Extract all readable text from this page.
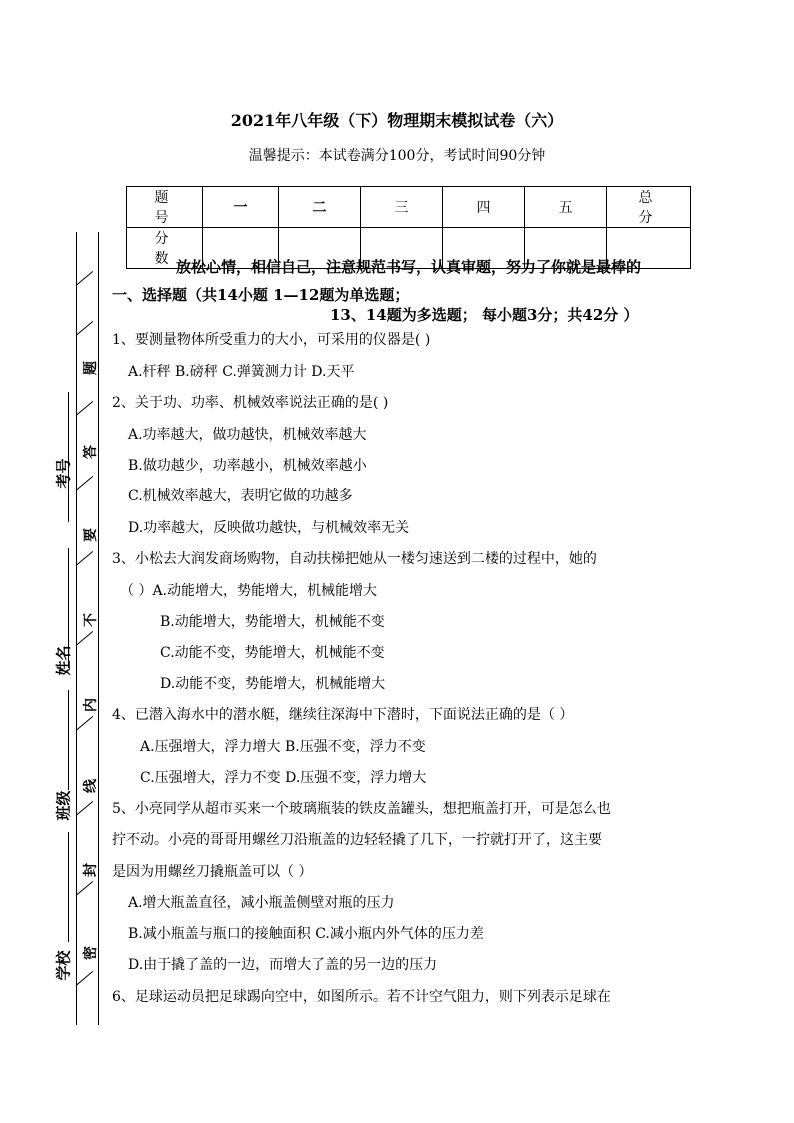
2021年八年级（下）物理期末模拟试卷（六）
温馨提示：本试卷满分100分，考试时间90分钟
题 号	一	二	三	四	五	总 分
分 数						
题
答
要
不
内
线
封
密
考号
姓名
班级
学校
放松心情，相信自己，注意规范书写，认真审题，努力了你就是最棒的
一、选择题（共14小题 1—12题为单选题；
13、14题为多选题； 每小题3分；共42分 ）
1、要测量物体所受重力的大小，可采用的仪器是( )
A.杆秤 B.磅秤 C.弹簧测力计 D.天平
2、关于功、功率、机械效率说法正确的是( )
A.功率越大，做功越快，机械效率越大
B.做功越少，功率越小，机械效率越小
C.机械效率越大，表明它做的功越多
D.功率越大，反映做功越快，与机械效率无关
3、小松去大润发商场购物，自动扶梯把她从一楼匀速送到二楼的过程中，她的
（ ）A.动能增大，势能增大，机械能增大
B.动能增大，势能增大，机械能不变
C.动能不变，势能增大，机械能不变
D.动能不变，势能增大，机械能增大
4、已潜入海水中的潜水艇，继续往深海中下潜时，下面说法正确的是（ ）
A.压强增大，浮力增大 B.压强不变，浮力不变
C.压强增大，浮力不变 D.压强不变，浮力增大
5、小亮同学从超市买来一个玻璃瓶装的铁皮盖罐头，想把瓶盖打开，可是怎么也
拧不动。小亮的哥哥用螺丝刀沿瓶盖的边轻轻撬了几下，一拧就打开了，这主要
是因为用螺丝刀撬瓶盖可以（ ）
A.增大瓶盖直径，减小瓶盖侧壁对瓶的压力
B.减小瓶盖与瓶口的接触面积 C.减小瓶内外气体的压力差
D.由于撬了盖的一边，而增大了盖的另一边的压力
6、足球运动员把足球踢向空中，如图所示。若不计空气阻力，则下列表示足球在
